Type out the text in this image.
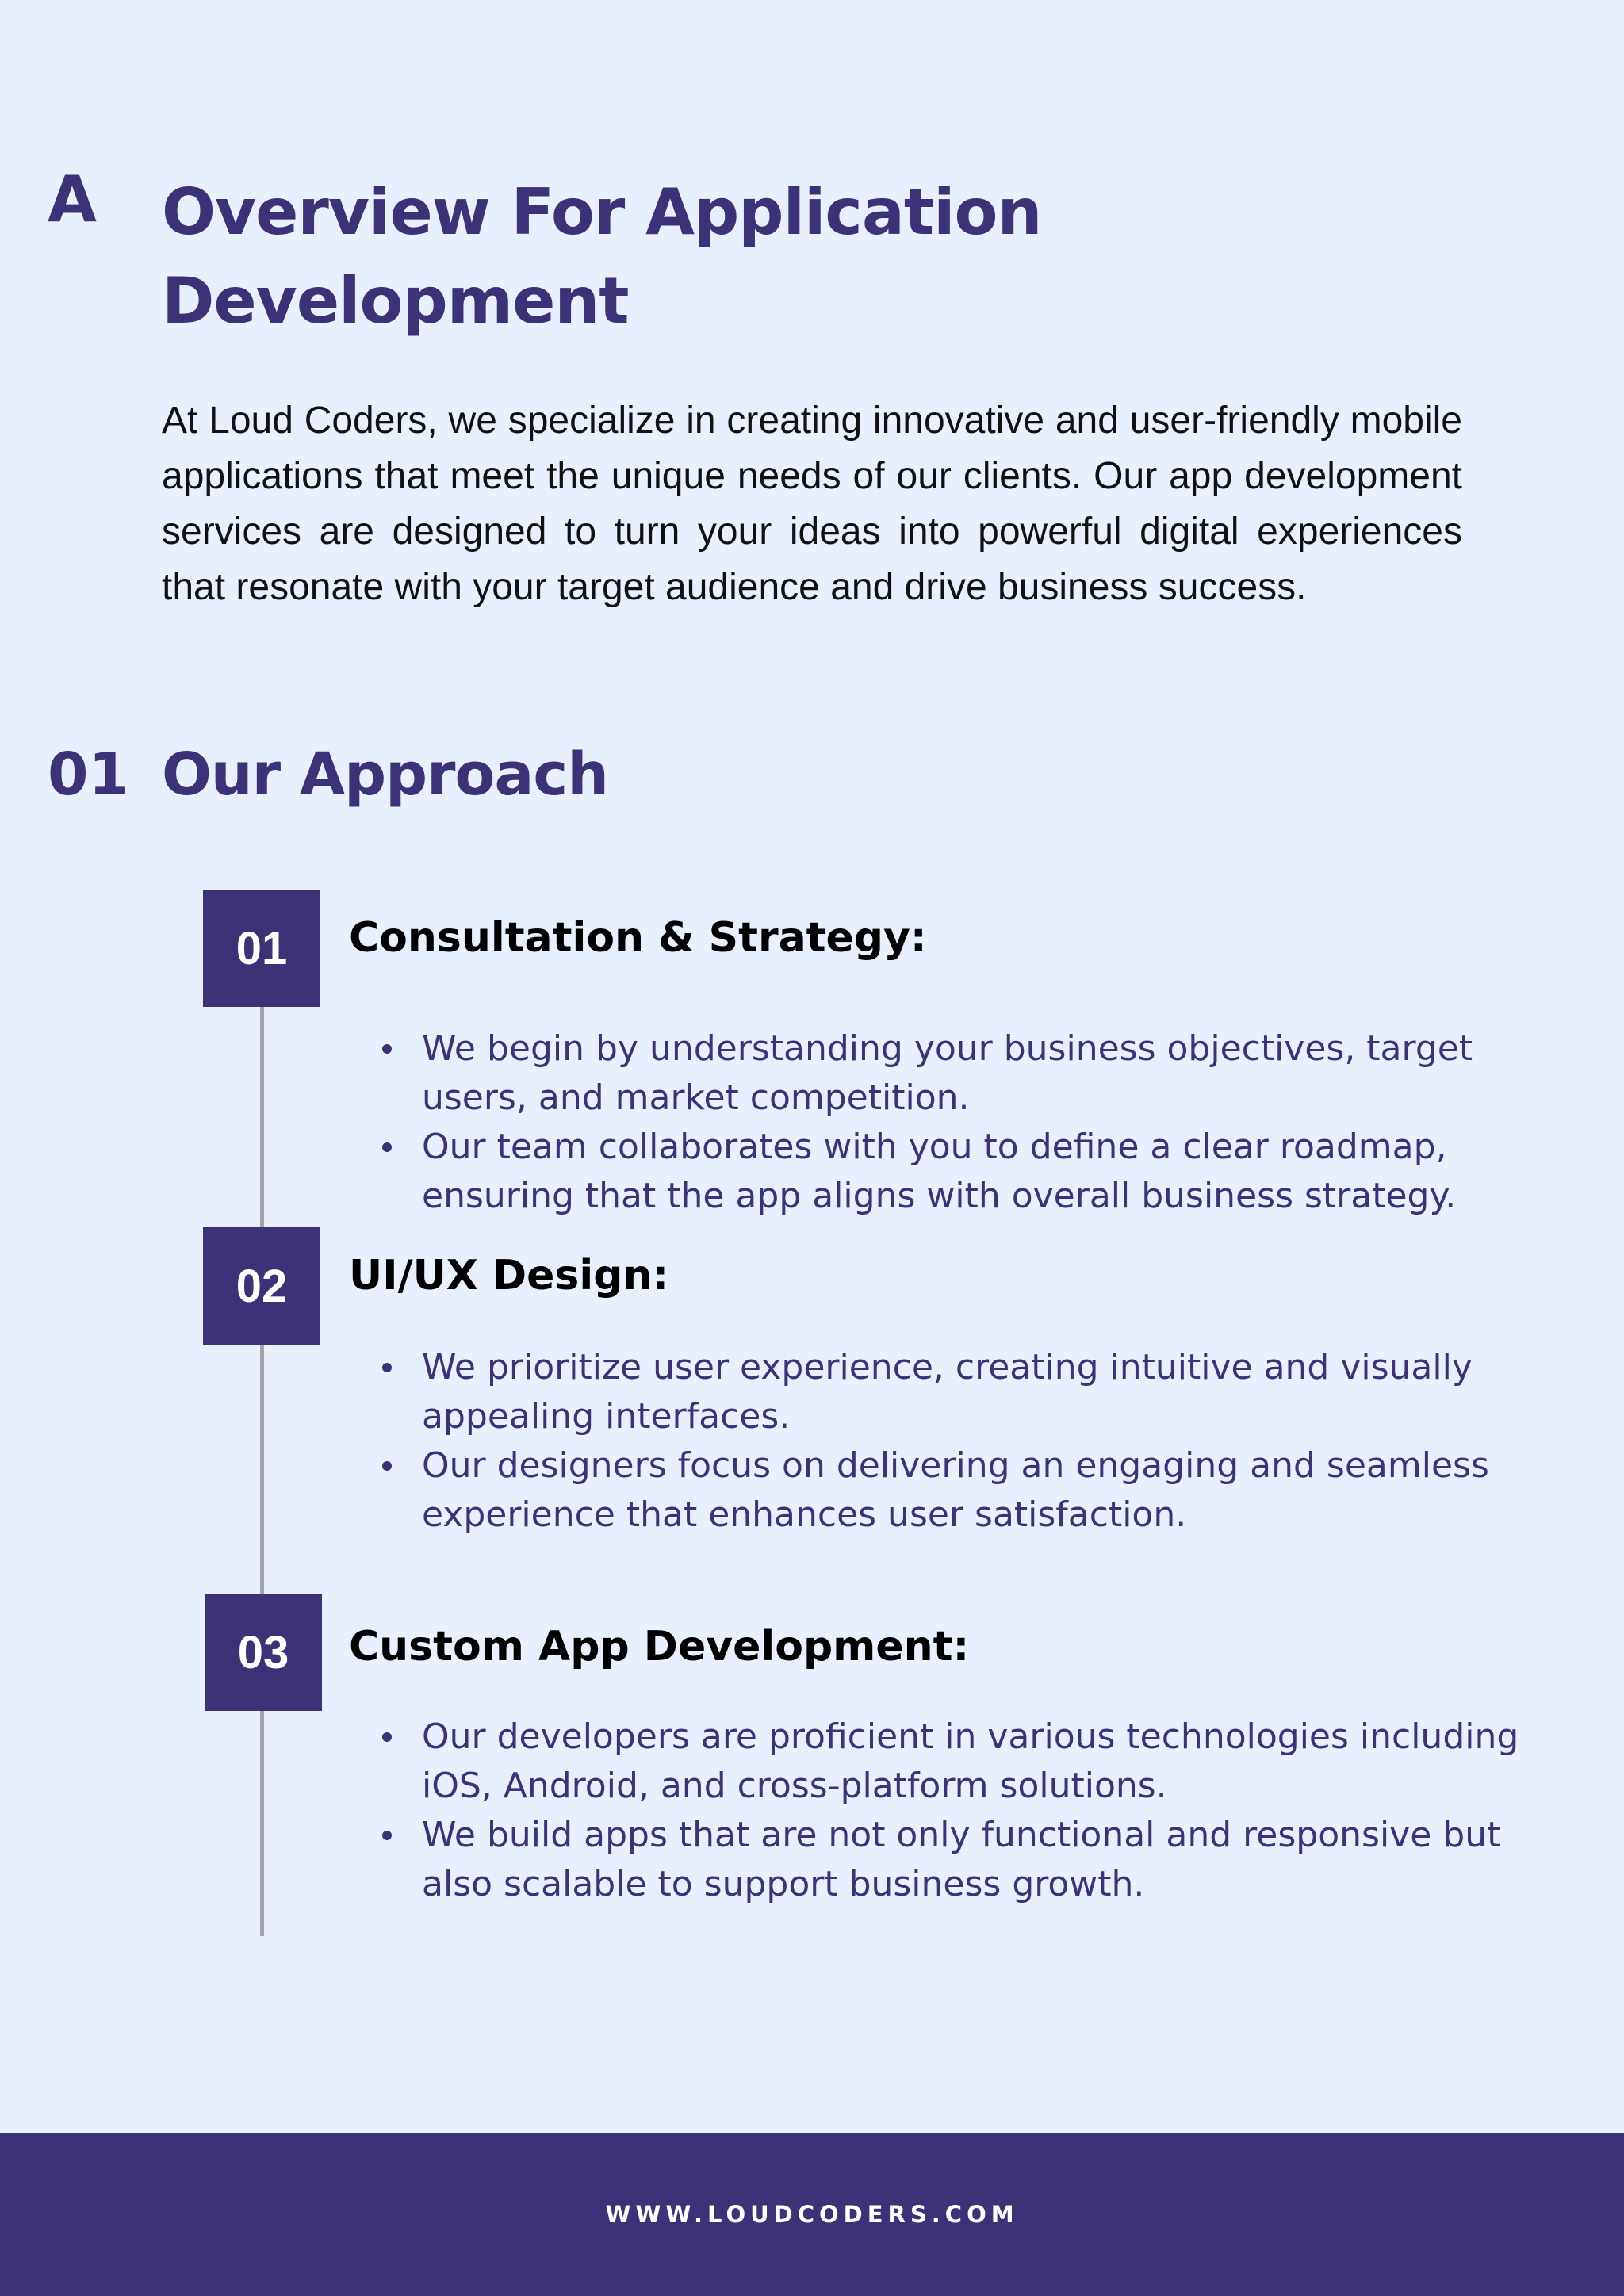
A Overview For Application
Development

At Loud Coders, we specialize in creating innovative and user-friendly mobile applications that meet the unique needs of our clients. Our app development services are designed to turn your ideas into powerful digital experiences that resonate with your target audience and drive business success.

01 Our Approach
01	Consultation & Strategy:
We begin by understanding your business objectives, target users, and market competition.
Our team collaborates with you to define a clear roadmap, ensuring that the app aligns with overall business strategy.
02	UI/UX Design:
We prioritize user experience, creating intuitive and visually appealing interfaces.
Our designers focus on delivering an engaging and seamless experience that enhances user satisfaction.
03	Custom App Development:
Our developers are proficient in various technologies including iOS, Android, and cross-platform solutions.
We build apps that are not only functional and responsive but also scalable to support business growth.
WWW.LOUDCODERS.COM
